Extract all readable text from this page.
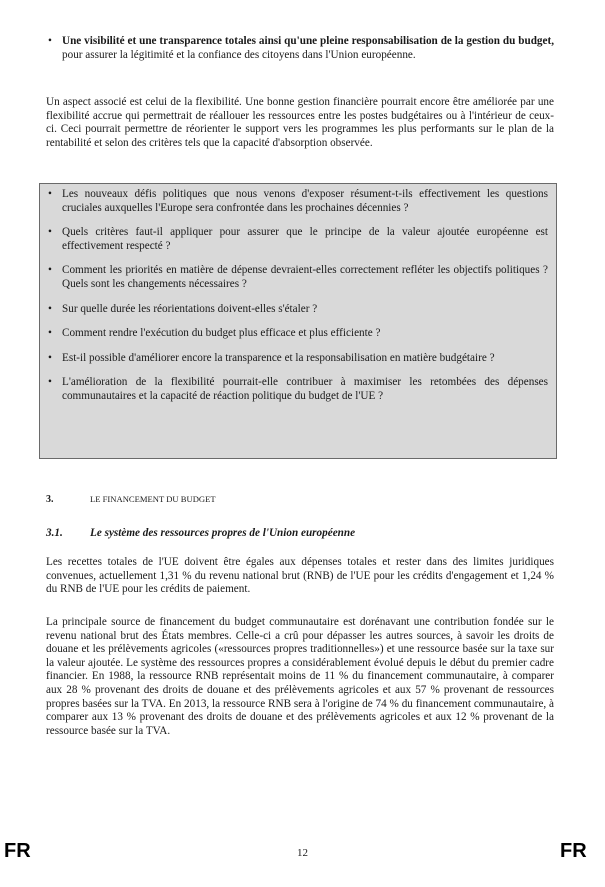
• Une visibilité et une transparence totales ainsi qu'une pleine responsabilisation de la gestion du budget, pour assurer la légitimité et la confiance des citoyens dans l'Union européenne.

Un aspect associé est celui de la flexibilité. Une bonne gestion financière pourrait encore être améliorée par une flexibilité accrue qui permettrait de réallouer les ressources entre les postes budgétaires ou à l'intérieur de ceux-ci. Ceci pourrait permettre de réorienter le support vers les programmes les plus performants sur le plan de la rentabilité et selon des critères tels que la capacité d'absorption observée.

• Les nouveaux défis politiques que nous venons d'exposer résument-t-ils effectivement les questions cruciales auxquelles l'Europe sera confrontée dans les prochaines décennies ?
• Quels critères faut-il appliquer pour assurer que le principe de la valeur ajoutée européenne est effectivement respecté ?
• Comment les priorités en matière de dépense devraient-elles correctement refléter les objectifs politiques ? Quels sont les changements nécessaires ?
• Sur quelle durée les réorientations doivent-elles s'étaler ?
• Comment rendre l'exécution du budget plus efficace et plus efficiente ?
• Est-il possible d'améliorer encore la transparence et la responsabilisation en matière budgétaire ?
• L'amélioration de la flexibilité pourrait-elle contribuer à maximiser les retombées des dépenses communautaires et la capacité de réaction politique du budget de l'UE ?
3.	LE FINANCEMENT DU BUDGET
3.1. Le système des ressources propres de l'Union européenne

Les recettes totales de l'UE doivent être égales aux dépenses totales et rester dans des limites juridiques convenues, actuellement 1,31 % du revenu national brut (RNB) de l'UE pour les crédits d'engagement et 1,24 % du RNB de l'UE pour les crédits de paiement.

La principale source de financement du budget communautaire est dorénavant une contribution fondée sur le revenu national brut des États membres. Celle-ci a crû pour dépasser les autres sources, à savoir les droits de douane et les prélèvements agricoles («ressources propres traditionnelles») et une ressource basée sur la taxe sur la valeur ajoutée. Le système des ressources propres a considérablement évolué depuis le début du premier cadre financier. En 1988, la ressource RNB représentait moins de 11 % du financement communautaire, à comparer aux 28 % provenant des droits de douane et des prélèvements agricoles et aux 57 % provenant de ressources propres basées sur la TVA. En 2013, la ressource RNB sera à l'origine de 74 % du financement communautaire, à comparer aux 13 % provenant des droits de douane et des prélèvements agricoles et aux 12 % provenant de la ressource basée sur la TVA.

FR	12	FR
